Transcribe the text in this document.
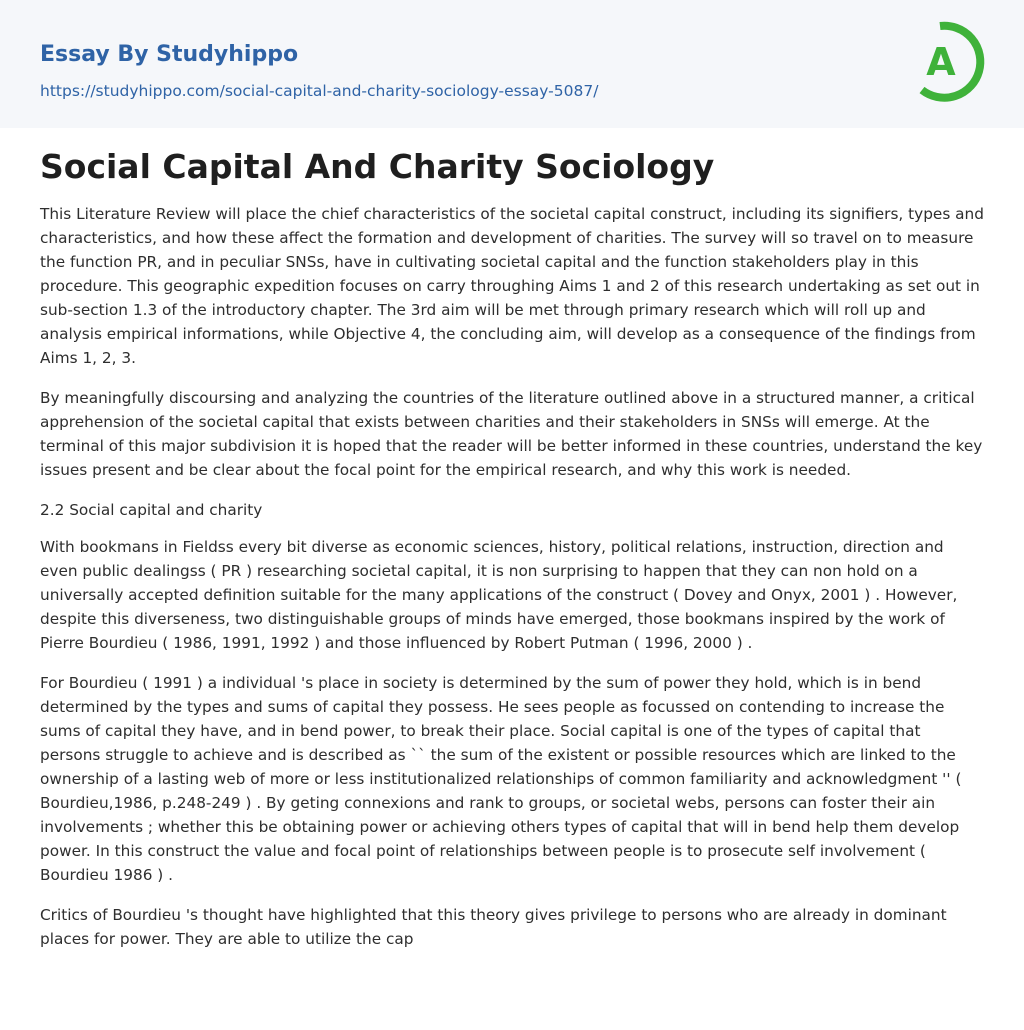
Essay By Studyhippo
https://studyhippo.com/social-capital-and-charity-sociology-essay-5087/
A
Social Capital And Charity Sociology

This Literature Review will place the chief characteristics of the societal capital construct, including its signifiers, types and characteristics, and how these affect the formation and development of charities. The survey will so travel on to measure the function PR, and in peculiar SNSs, have in cultivating societal capital and the function stakeholders play in this procedure. This geographic expedition focuses on carry throughing Aims 1 and 2 of this research undertaking as set out in sub-section 1.3 of the introductory chapter. The 3rd aim will be met through primary research which will roll up and analysis empirical informations, while Objective 4, the concluding aim, will develop as a consequence of the findings from Aims 1, 2, 3.

By meaningfully discoursing and analyzing the countries of the literature outlined above in a structured manner, a critical apprehension of the societal capital that exists between charities and their stakeholders in SNSs will emerge. At the terminal of this major subdivision it is hoped that the reader will be better informed in these countries, understand the key issues present and be clear about the focal point for the empirical research, and why this work is needed.

2.2 Social capital and charity

With bookmans in Fieldss every bit diverse as economic sciences, history, political relations, instruction, direction and even public dealingss ( PR ) researching societal capital, it is non surprising to happen that they can non hold on a universally accepted definition suitable for the many applications of the construct ( Dovey and Onyx, 2001 ) . However, despite this diverseness, two distinguishable groups of minds have emerged, those bookmans inspired by the work of Pierre Bourdieu ( 1986, 1991, 1992 ) and those influenced by Robert Putman ( 1996, 2000 ) .

For Bourdieu ( 1991 ) a individual 's place in society is determined by the sum of power they hold, which is in bend determined by the types and sums of capital they possess. He sees people as focussed on contending to increase the sums of capital they have, and in bend power, to break their place. Social capital is one of the types of capital that persons struggle to achieve and is described as `` the sum of the existent or possible resources which are linked to the ownership of a lasting web of more or less institutionalized relationships of common familiarity and acknowledgment '' ( Bourdieu,1986, p.248-249 ) . By geting connexions and rank to groups, or societal webs, persons can foster their ain involvements ; whether this be obtaining power or achieving others types of capital that will in bend help them develop power. In this construct the value and focal point of relationships between people is to prosecute self involvement ( Bourdieu 1986 ) .

Critics of Bourdieu 's thought have highlighted that this theory gives privilege to persons who are already in dominant places for power. They are able to utilize the cap
